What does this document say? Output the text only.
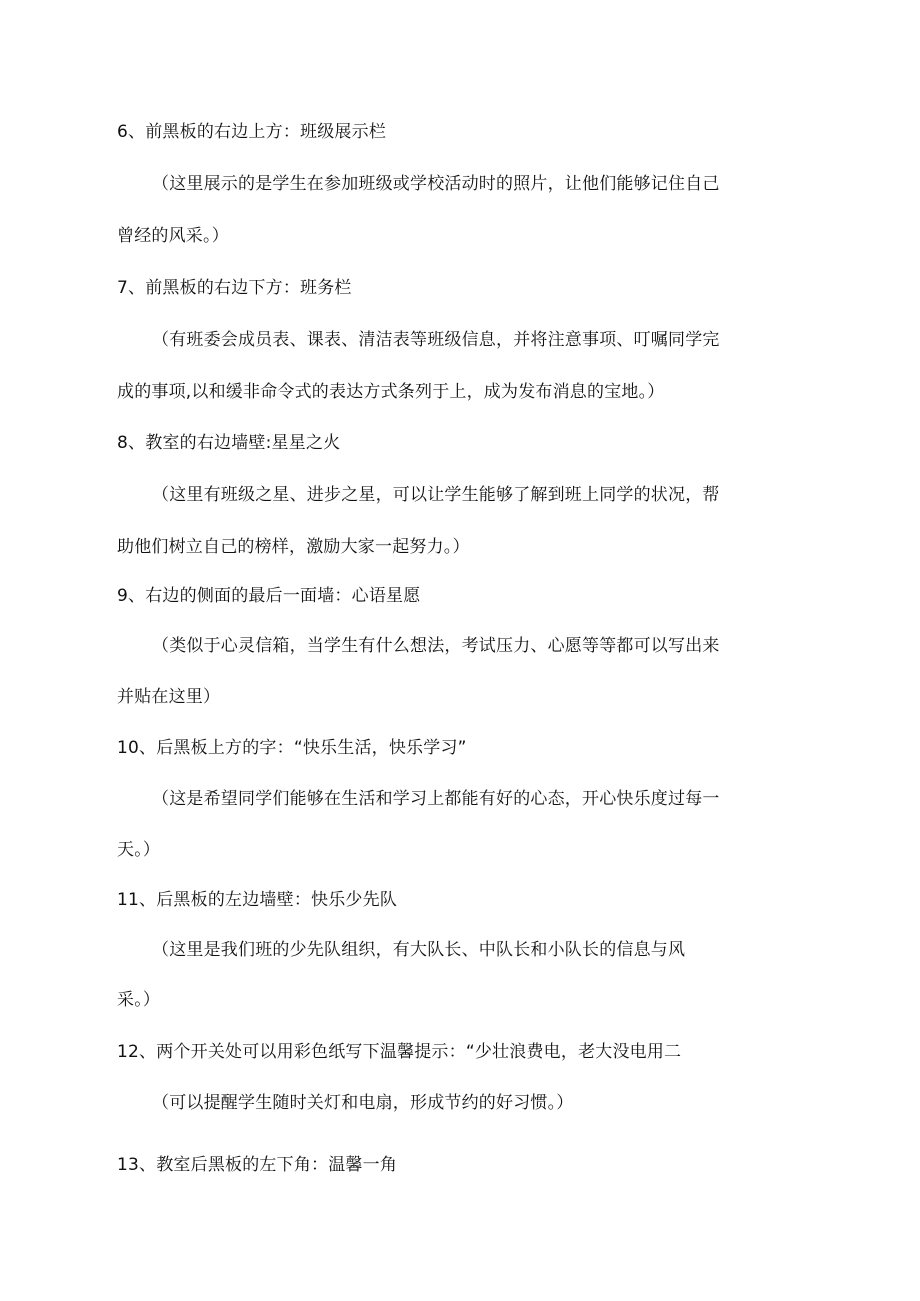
6、前黑板的右边上方：班级展示栏
（这里展示的是学生在参加班级或学校活动时的照片，让他们能够记住自己
曾经的风采。）
7、前黑板的右边下方：班务栏
（有班委会成员表、课表、清洁表等班级信息，并将注意事项、叮嘱同学完
成的事项,以和缓非命令式的表达方式条列于上，成为发布消息的宝地。）
8、教室的右边墙壁:星星之火
（这里有班级之星、进步之星，可以让学生能够了解到班上同学的状况，帮
助他们树立自己的榜样，激励大家一起努力。）
9、右边的侧面的最后一面墙：心语星愿
（类似于心灵信箱，当学生有什么想法，考试压力、心愿等等都可以写出来
并贴在这里）
10、后黑板上方的字：“快乐生活，快乐学习”
（这是希望同学们能够在生活和学习上都能有好的心态，开心快乐度过每一
天。）
11、后黑板的左边墙壁：快乐少先队
（这里是我们班的少先队组织，有大队长、中队长和小队长的信息与风
采。）
12、两个开关处可以用彩色纸写下温馨提示：“少壮浪费电，老大没电用二
（可以提醒学生随时关灯和电扇，形成节约的好习惯。）
13、教室后黑板的左下角：温馨一角
